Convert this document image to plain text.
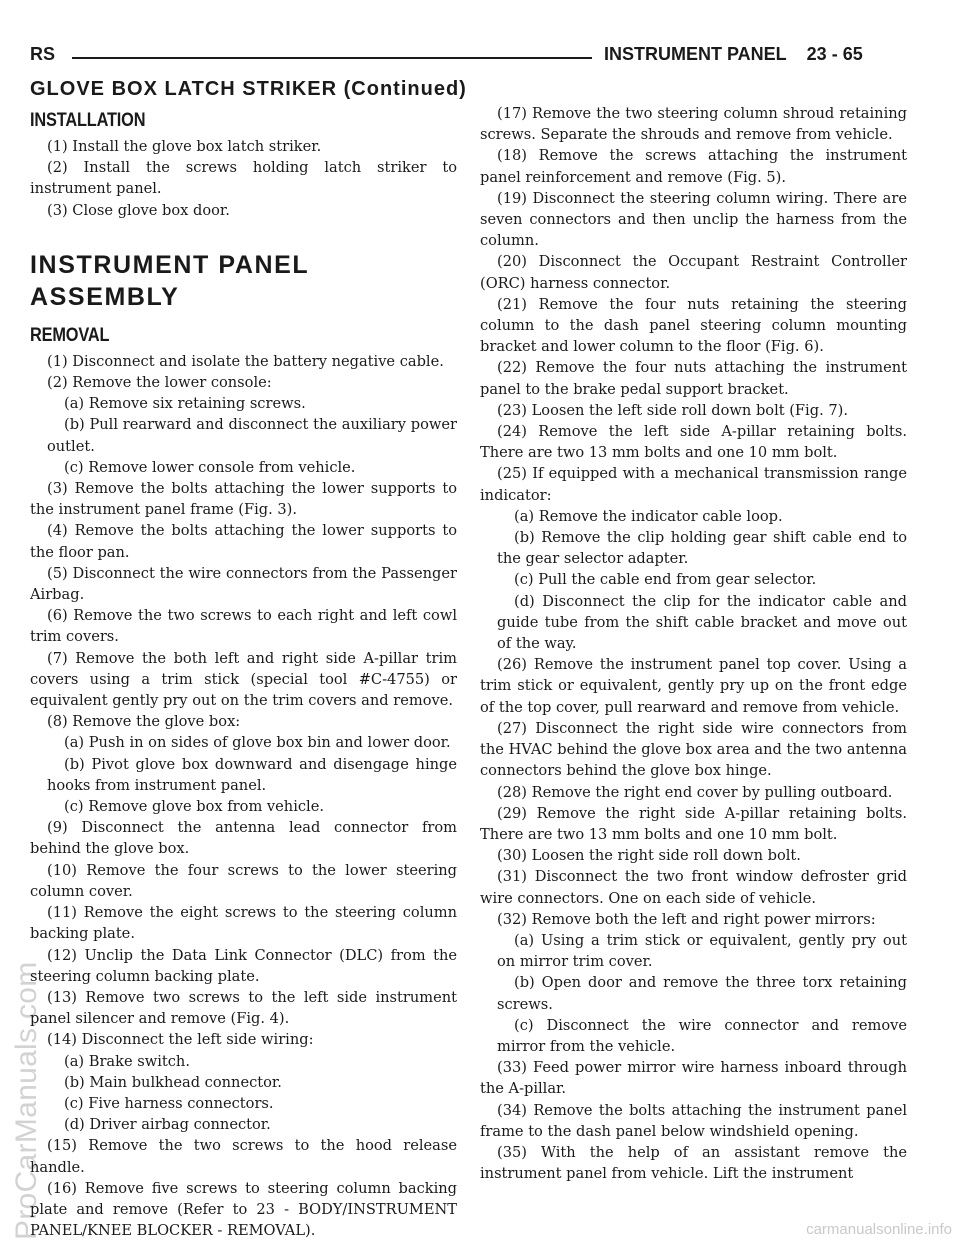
ProCarManuals.com	carmanualsonline.info
RS	INSTRUMENT PANEL 23 - 65
GLOVE BOX LATCH STRIKER (Continued)
INSTALLATION

(1) Install the glove box latch striker.

(2) Install the screws holding latch striker to instrument panel.

(3) Close glove box door.

INSTRUMENT PANEL
ASSEMBLY
REMOVAL

(1) Disconnect and isolate the battery negative cable.

(2) Remove the lower console:

(a) Remove six retaining screws.

(b) Pull rearward and disconnect the auxiliary power outlet.

(c) Remove lower console from vehicle.

(3) Remove the bolts attaching the lower supports to the instrument panel frame (Fig. 3).

(4) Remove the bolts attaching the lower supports to the floor pan.

(5) Disconnect the wire connectors from the Passenger Airbag.

(6) Remove the two screws to each right and left cowl trim covers.

(7) Remove the both left and right side A-pillar trim covers using a trim stick (special tool #C-4755) or equivalent gently pry out on the trim covers and remove.

(8) Remove the glove box:

(a) Push in on sides of glove box bin and lower door.

(b) Pivot glove box downward and disengage hinge hooks from instrument panel.

(c) Remove glove box from vehicle.

(9) Disconnect the antenna lead connector from behind the glove box.

(10) Remove the four screws to the lower steering column cover.

(11) Remove the eight screws to the steering column backing plate.

(12) Unclip the Data Link Connector (DLC) from the steering column backing plate.

(13) Remove two screws to the left side instrument panel silencer and remove (Fig. 4).

(14) Disconnect the left side wiring:

(a) Brake switch.

(b) Main bulkhead connector.

(c) Five harness connectors.

(d) Driver airbag connector.

(15) Remove the two screws to the hood release handle.

(16) Remove five screws to steering column backing plate and remove (Refer to 23 - BODY/INSTRUMENT PANEL/KNEE BLOCKER - REMOVAL).

(17) Remove the two steering column shroud retaining screws. Separate the shrouds and remove from vehicle.

(18) Remove the screws attaching the instrument panel reinforcement and remove (Fig. 5).

(19) Disconnect the steering column wiring. There are seven connectors and then unclip the harness from the column.

(20) Disconnect the Occupant Restraint Controller (ORC) harness connector.

(21) Remove the four nuts retaining the steering column to the dash panel steering column mounting bracket and lower column to the floor (Fig. 6).

(22) Remove the four nuts attaching the instrument panel to the brake pedal support bracket.

(23) Loosen the left side roll down bolt (Fig. 7).

(24) Remove the left side A-pillar retaining bolts. There are two 13 mm bolts and one 10 mm bolt.

(25) If equipped with a mechanical transmission range indicator:

(a) Remove the indicator cable loop.

(b) Remove the clip holding gear shift cable end to the gear selector adapter.

(c) Pull the cable end from gear selector.

(d) Disconnect the clip for the indicator cable and guide tube from the shift cable bracket and move out of the way.

(26) Remove the instrument panel top cover. Using a trim stick or equivalent, gently pry up on the front edge of the top cover, pull rearward and remove from vehicle.

(27) Disconnect the right side wire connectors from the HVAC behind the glove box area and the two antenna connectors behind the glove box hinge.

(28) Remove the right end cover by pulling outboard.

(29) Remove the right side A-pillar retaining bolts. There are two 13 mm bolts and one 10 mm bolt.

(30) Loosen the right side roll down bolt.

(31) Disconnect the two front window defroster grid wire connectors. One on each side of vehicle.

(32) Remove both the left and right power mirrors:

(a) Using a trim stick or equivalent, gently pry out on mirror trim cover.

(b) Open door and remove the three torx retaining screws.

(c) Disconnect the wire connector and remove mirror from the vehicle.

(33) Feed power mirror wire harness inboard through the A-pillar.

(34) Remove the bolts attaching the instrument panel frame to the dash panel below windshield opening.

(35) With the help of an assistant remove the instrument panel from vehicle. Lift the instrument
